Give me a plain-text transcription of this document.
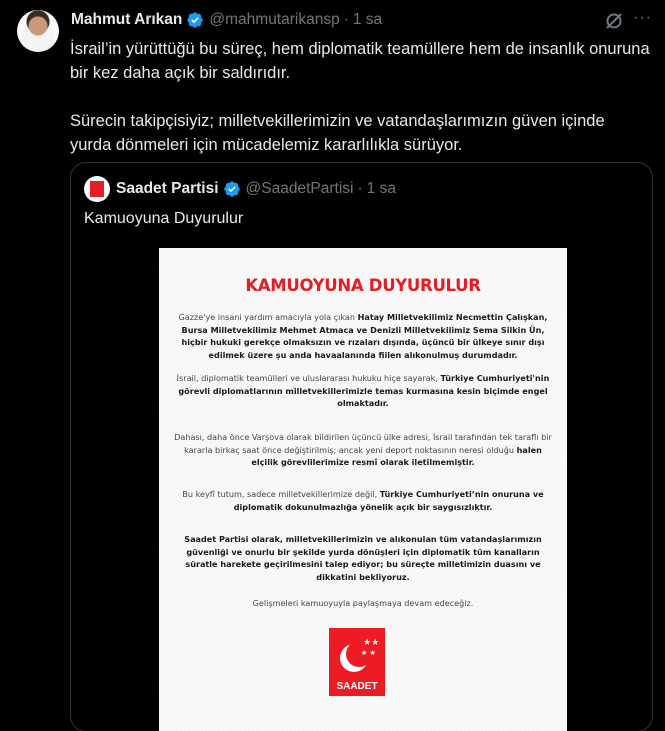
Mahmut Arıkan @mahmutarikansp · 1 sa	···

İsrail’in yürüttüğü bu süreç, hem diplomatik teamüllere hem de insanlık onuruna bir kez daha açık bir saldırıdır.

Sürecin takipçisiyiz; milletvekillerimizin ve vatandaşlarımızın güven içinde yurda dönmeleri için mücadelemiz kararlılıkla sürüyor.

Saadet Partisi @SaadetPartisi · 1 sa
Kamuoyuna Duyurulur
KAMUOYUNA DUYURULUR
Gazze'ye insani yardım amacıyla yola çıkan Hatay Milletvekilimiz Necmettin Çalışkan, Bursa Milletvekilimiz Mehmet Atmaca ve Denizli Milletvekilimiz Sema Silkin Ün, hiçbir hukuki gerekçe olmaksızın ve rızaları dışında, üçüncü bir ülkeye sınır dışı edilmek üzere şu anda havaalanında fiilen alıkonulmuş durumdadır.
İsrail, diplomatik teamülleri ve uluslararası hukuku hiçe sayarak, Türkiye Cumhuriyeti'nin görevli diplomatlarının milletvekillerimizle temas kurmasına kesin biçimde engel olmaktadır.
Dahası, daha önce Varşova olarak bildirilen üçüncü ülke adresi, İsrail tarafından tek taraflı bir kararla birkaç saat önce değiştirilmiş; ancak yeni deport noktasının neresi olduğu halen elçilik görevlilerimize resmî olarak iletilmemiştir.
Bu keyfî tutum, sadece milletvekillerimize değil, Türkiye Cumhuriyeti’nin onuruna ve diplomatik dokunulmazlığa yönelik açık bir saygısızlıktır.
Saadet Partisi olarak, milletvekillerimizin ve alıkonulan tüm vatandaşlarımızın güvenliği ve onurlu bir şekilde yurda dönüşleri için diplomatik tüm kanalların süratle harekete geçirilmesini talep ediyor; bu süreçte milletimizin duasını ve dikkatini bekliyoruz.
Gelişmeleri kamuoyuyla paylaşmaya devam edeceğiz.
★★
★ ★
SAADET
